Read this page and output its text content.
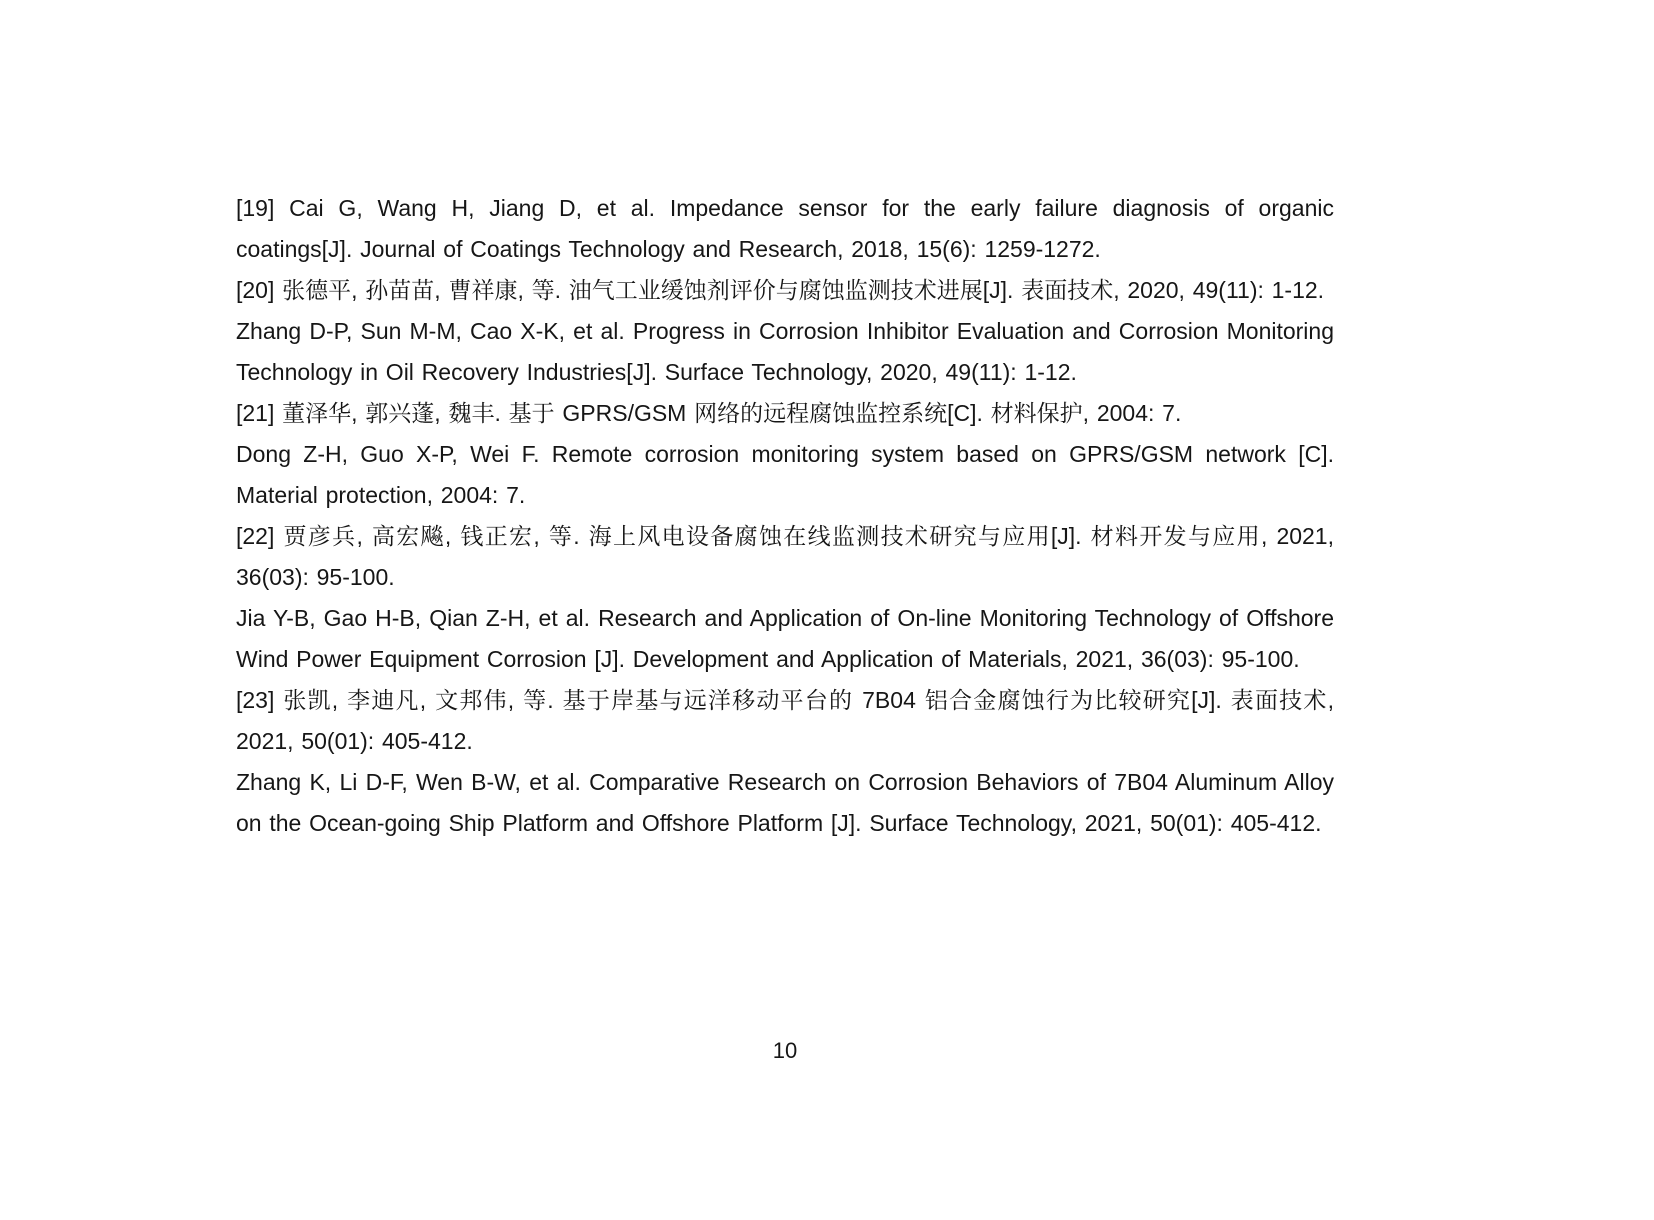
[19] Cai G, Wang H, Jiang D, et al. Impedance sensor for the early failure diagnosis of organic coatings[J]. Journal of Coatings Technology and Research, 2018, 15(6): 1259-1272.

[20] 张德平, 孙苗苗, 曹祥康, 等. 油气工业缓蚀剂评价与腐蚀监测技术进展[J]. 表面技术, 2020, 49(11): 1-12.

Zhang D-P, Sun M-M, Cao X-K, et al. Progress in Corrosion Inhibitor Evaluation and Corrosion Monitoring Technology in Oil Recovery Industries[J]. Surface Technology, 2020, 49(11): 1-12.

[21] 董泽华, 郭兴蓬, 魏丰. 基于 GPRS/GSM 网络的远程腐蚀监控系统[C]. 材料保护, 2004: 7.

Dong Z-H, Guo X-P, Wei F. Remote corrosion monitoring system based on GPRS/GSM network [C]. Material protection, 2004: 7.

[22] 贾彦兵, 高宏飚, 钱正宏, 等. 海上风电设备腐蚀在线监测技术研究与应用[J]. 材料开发与应用, 2021, 36(03): 95-100.

Jia Y-B, Gao H-B, Qian Z-H, et al. Research and Application of On-line Monitoring Technology of Offshore Wind Power Equipment Corrosion [J]. Development and Application of Materials, 2021, 36(03): 95-100.

[23] 张凯, 李迪凡, 文邦伟, 等. 基于岸基与远洋移动平台的 7B04 铝合金腐蚀行为比较研究[J]. 表面技术, 2021, 50(01): 405-412.

Zhang K, Li D-F, Wen B-W, et al. Comparative Research on Corrosion Behaviors of 7B04 Aluminum Alloy on the Ocean-going Ship Platform and Offshore Platform [J]. Surface Technology, 2021, 50(01): 405-412.

10
